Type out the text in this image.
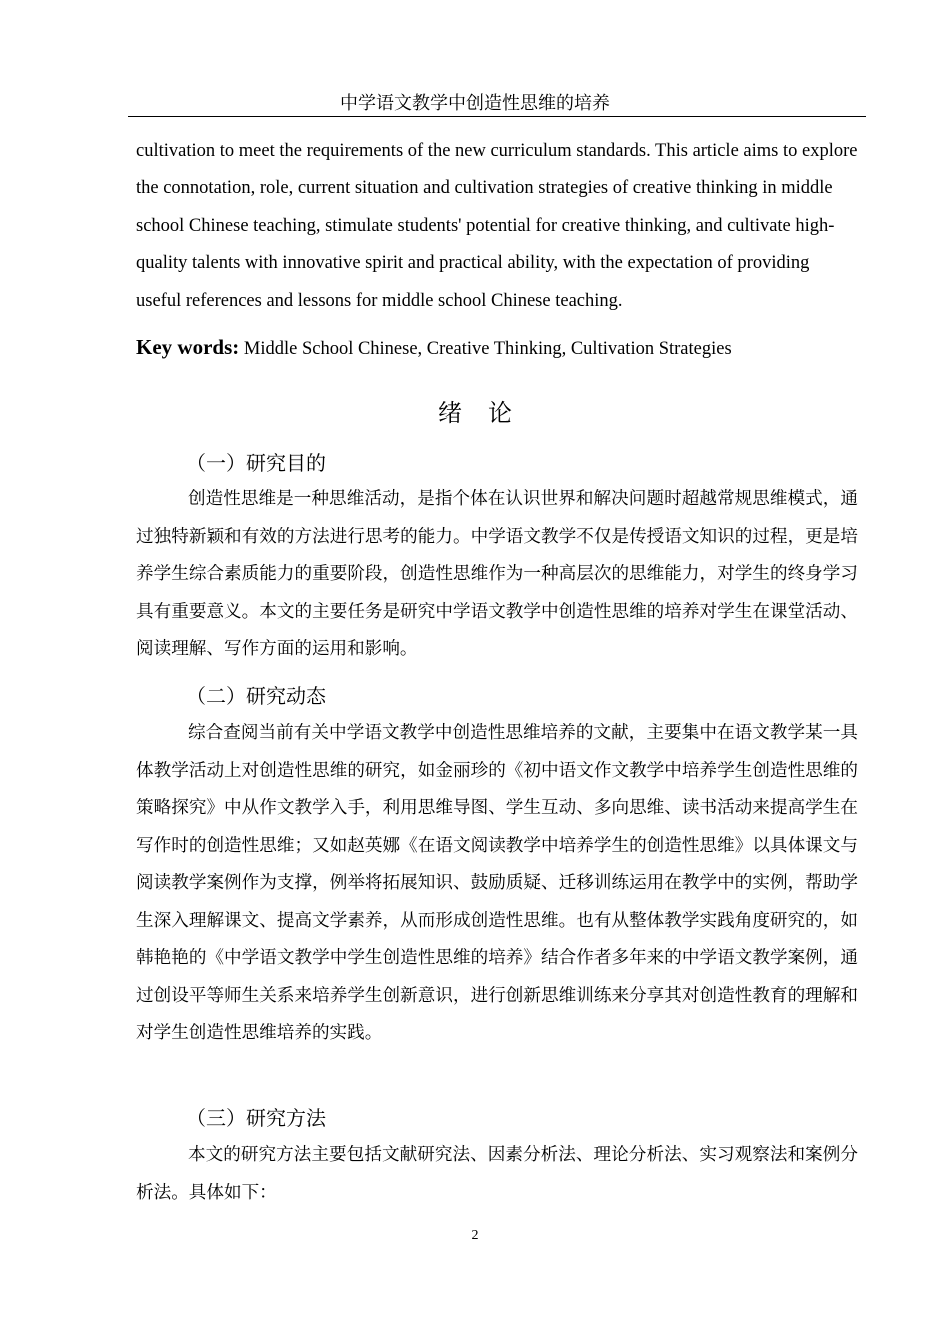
中学语文教学中创造性思维的培养

cultivation to meet the requirements of the new curriculum standards. This article aims to explore the connotation, role, current situation and cultivation strategies of creative thinking in middle school Chinese teaching, stimulate students' potential for creative thinking, and cultivate high-quality talents with innovative spirit and practical ability, with the expectation of providing useful references and lessons for middle school Chinese teaching.

Key words: Middle School Chinese, Creative Thinking, Cultivation Strategies
绪论
（一）研究目的

创造性思维是一种思维活动，是指个体在认识世界和解决问题时超越常规思维模式，通过独特新颖和有效的方法进行思考的能力。中学语文教学不仅是传授语文知识的过程，更是培养学生综合素质能力的重要阶段，创造性思维作为一种高层次的思维能力，对学生的终身学习具有重要意义。本文的主要任务是研究中学语文教学中创造性思维的培养对学生在课堂活动、阅读理解、写作方面的运用和影响。

（二）研究动态

综合查阅当前有关中学语文教学中创造性思维培养的文献，主要集中在语文教学某一具体教学活动上对创造性思维的研究，如金丽珍的《初中语文作文教学中培养学生创造性思维的策略探究》中从作文教学入手，利用思维导图、学生互动、多向思维、读书活动来提高学生在写作时的创造性思维；又如赵英娜《在语文阅读教学中培养学生的创造性思维》以具体课文与阅读教学案例作为支撑，例举将拓展知识、鼓励质疑、迁移训练运用在教学中的实例，帮助学生深入理解课文、提高文学素养，从而形成创造性思维。也有从整体教学实践角度研究的，如韩艳艳的《中学语文教学中学生创造性思维的培养》结合作者多年来的中学语文教学案例，通过创设平等师生关系来培养学生创新意识，进行创新思维训练来分享其对创造性教育的理解和对学生创造性思维培养的实践。

（三）研究方法

本文的研究方法主要包括文献研究法、因素分析法、理论分析法、实习观察法和案例分析法。具体如下：

2
